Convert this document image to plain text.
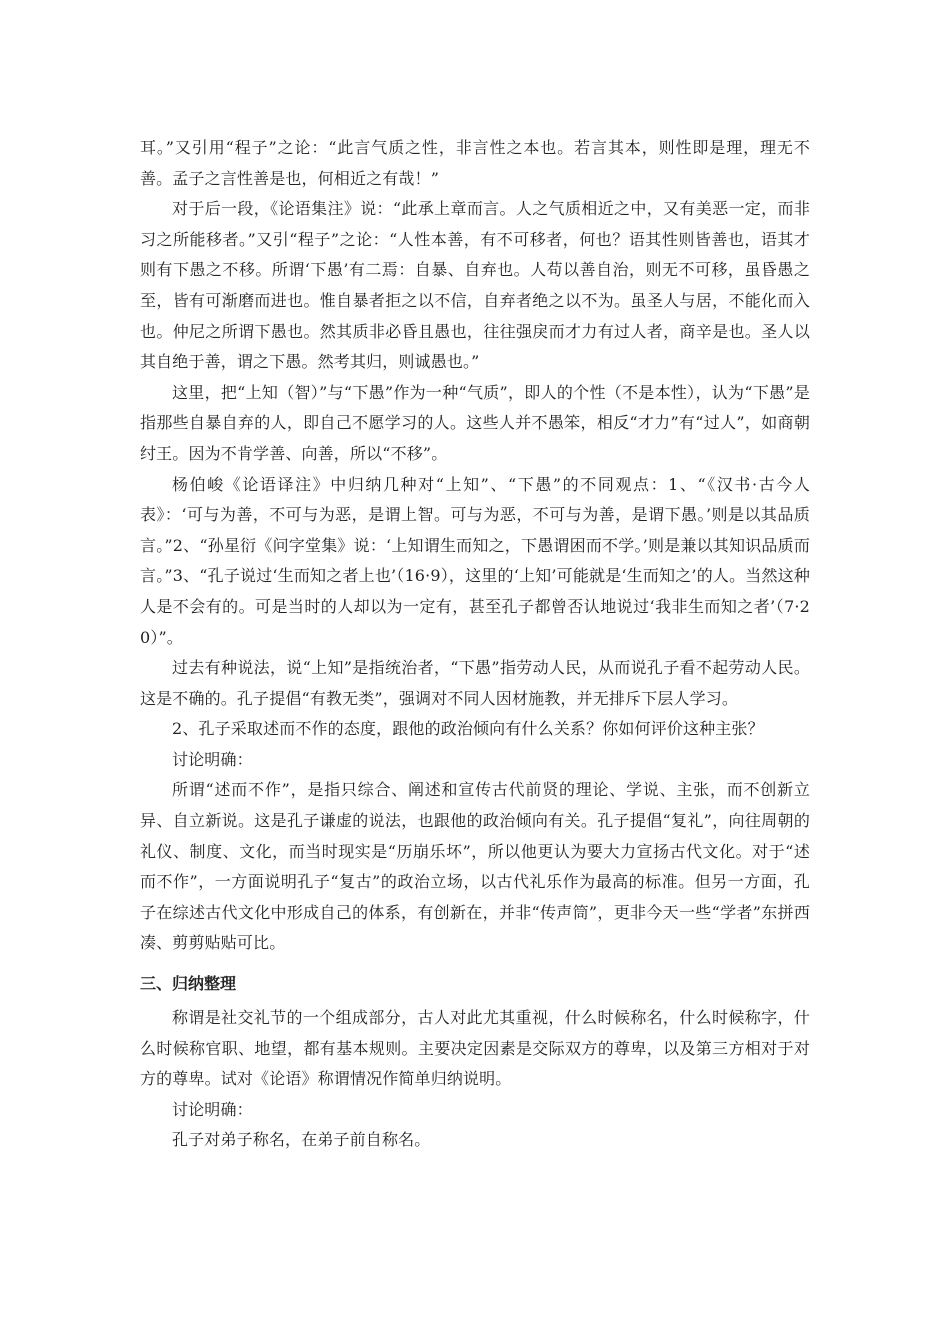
耳。”又引用“程子”之论：“此言气质之性，非言性之本也。若言其本，则性即是理，理无不善。孟子之言性善是也，何相近之有哉！”

对于后一段，《论语集注》说：“此承上章而言。人之气质相近之中，又有美恶一定，而非习之所能移者。”又引“程子”之论：“人性本善，有不可移者，何也？语其性则皆善也，语其才则有下愚之不移。所谓‘下愚’有二焉：自暴、自弃也。人苟以善自治，则无不可移，虽昏愚之至，皆有可渐磨而进也。惟自暴者拒之以不信，自弃者绝之以不为。虽圣人与居，不能化而入也。仲尼之所谓下愚也。然其质非必昏且愚也，往往强戾而才力有过人者，商辛是也。圣人以其自绝于善，谓之下愚。然考其归，则诚愚也。”

这里，把“上知（智）”与“下愚”作为一种“气质”，即人的个性（不是本性），认为“下愚”是指那些自暴自弃的人，即自己不愿学习的人。这些人并不愚笨，相反“才力”有“过人”，如商朝纣王。因为不肯学善、向善，所以“不移”。

杨伯峻《论语译注》中归纳几种对“上知”、“下愚”的不同观点：1、“《汉书·古今人表》：‘可与为善，不可与为恶，是谓上智。可与为恶，不可与为善，是谓下愚。’则是以其品质言。”2、“孙星衍《问字堂集》说：‘上知谓生而知之，下愚谓困而不学。’则是兼以其知识品质而言。”3、“孔子说过‘生而知之者上也’（16·9），这里的‘上知’可能就是‘生而知之’的人。当然这种人是不会有的。可是当时的人却以为一定有，甚至孔子都曾否认地说过‘我非生而知之者’（7·20）”。

过去有种说法，说“上知”是指统治者，“下愚”指劳动人民，从而说孔子看不起劳动人民。这是不确的。孔子提倡“有教无类”，强调对不同人因材施教，并无排斥下层人学习。

2、孔子采取述而不作的态度，跟他的政治倾向有什么关系？你如何评价这种主张？

讨论明确：

所谓“述而不作”，是指只综合、阐述和宣传古代前贤的理论、学说、主张，而不创新立异、自立新说。这是孔子谦虚的说法，也跟他的政治倾向有关。孔子提倡“复礼”，向往周朝的礼仪、制度、文化，而当时现实是“历崩乐坏”，所以他更认为要大力宣扬古代文化。对于“述而不作”，一方面说明孔子“复古”的政治立场，以古代礼乐作为最高的标准。但另一方面，孔子在综述古代文化中形成自己的体系，有创新在，并非“传声筒”，更非今天一些“学者”东拼西凑、剪剪贴贴可比。

三、归纳整理

称谓是社交礼节的一个组成部分，古人对此尤其重视，什么时候称名，什么时候称字，什么时候称官职、地望，都有基本规则。主要决定因素是交际双方的尊卑，以及第三方相对于对方的尊卑。试对《论语》称谓情况作简单归纳说明。

讨论明确：

孔子对弟子称名，在弟子前自称名。
